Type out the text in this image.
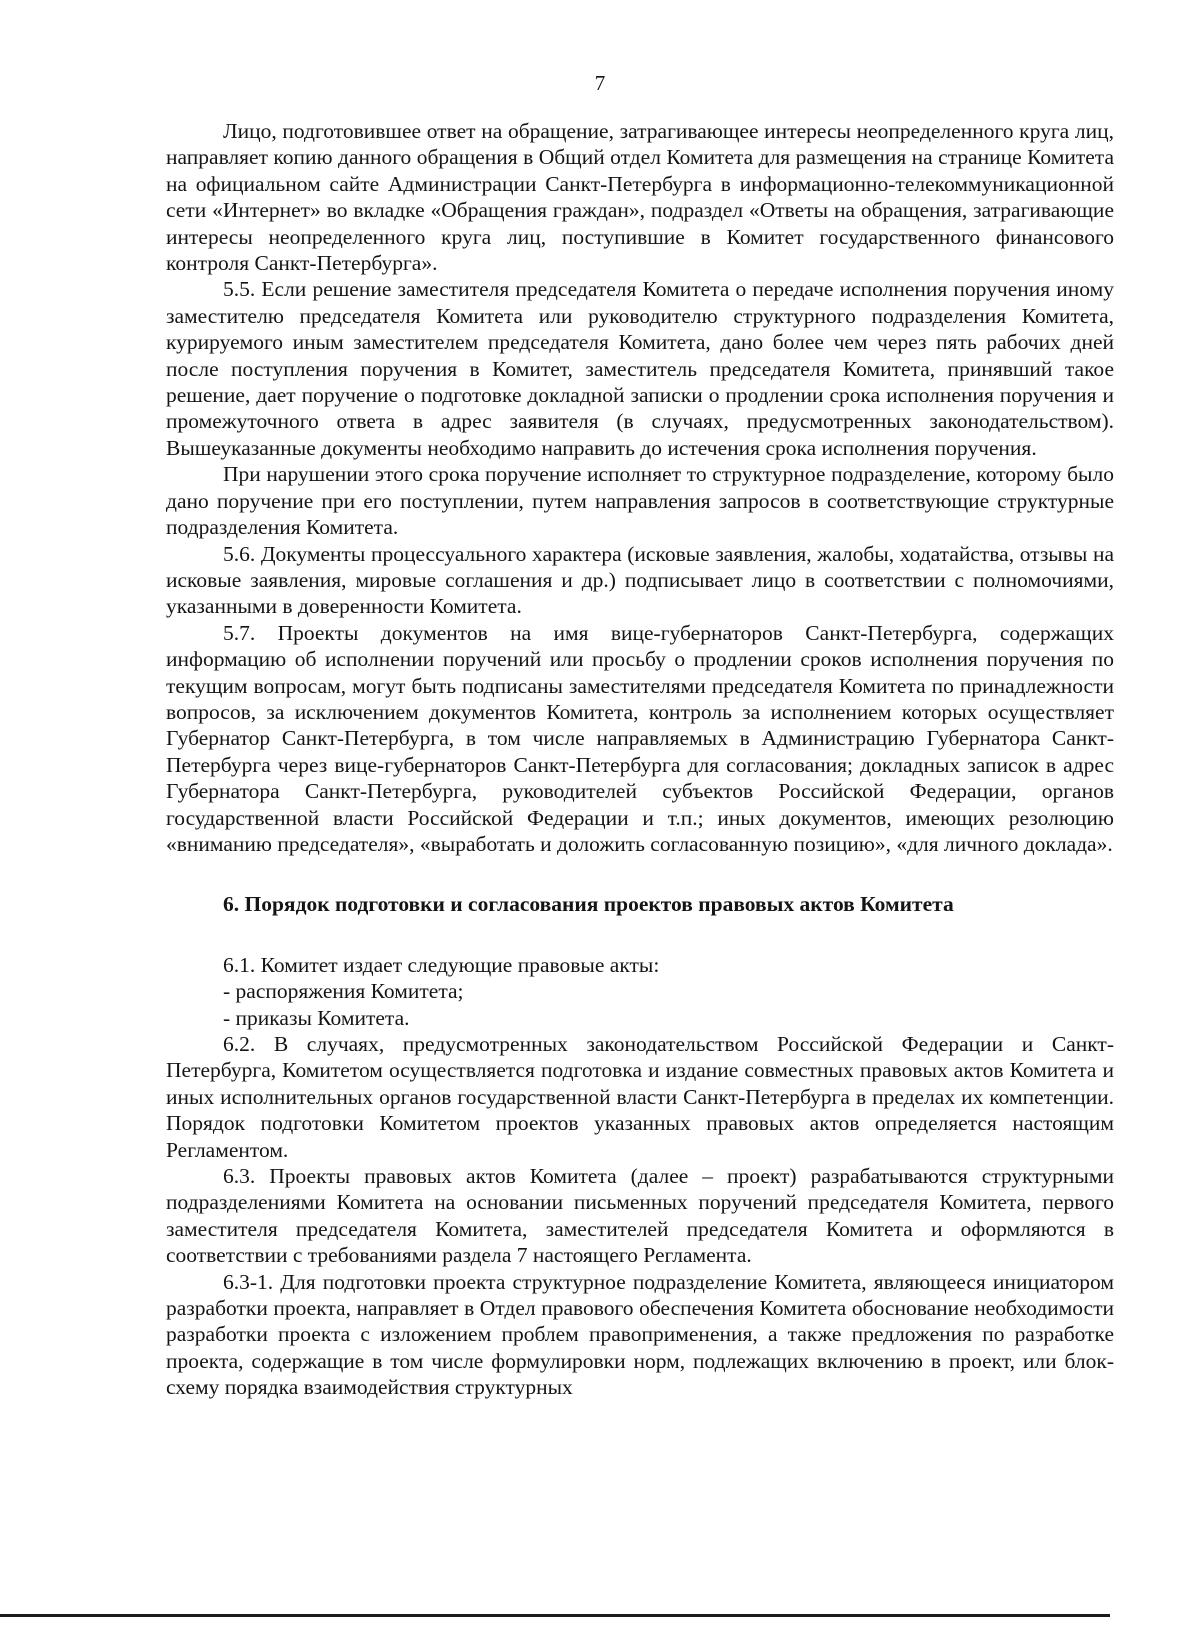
7

Лицо, подготовившее ответ на обращение, затрагивающее интересы неопределенного круга лиц, направляет копию данного обращения в Общий отдел Комитета для размещения на странице Комитета на официальном сайте Администрации Санкт-Петербурга в информационно-телекоммуникационной сети «Интернет» во вкладке «Обращения граждан», подраздел «Ответы на обращения, затрагивающие интересы неопределенного круга лиц, поступившие в Комитет государственного финансового контроля Санкт-Петербурга».

5.5. Если решение заместителя председателя Комитета о передаче исполнения поручения иному заместителю председателя Комитета или руководителю структурного подразделения Комитета, курируемого иным заместителем председателя Комитета, дано более чем через пять рабочих дней после поступления поручения в Комитет, заместитель председателя Комитета, принявший такое решение, дает поручение о подготовке докладной записки о продлении срока исполнения поручения и промежуточного ответа в адрес заявителя (в случаях, предусмотренных законодательством). Вышеуказанные документы необходимо направить до истечения срока исполнения поручения.

При нарушении этого срока поручение исполняет то структурное подразделение, которому было дано поручение при его поступлении, путем направления запросов в соответствующие структурные подразделения Комитета.

5.6. Документы процессуального характера (исковые заявления, жалобы, ходатайства, отзывы на исковые заявления, мировые соглашения и др.) подписывает лицо в соответствии с полномочиями, указанными в доверенности Комитета.

5.7. Проекты документов на имя вице-губернаторов Санкт-Петербурга, содержащих информацию об исполнении поручений или просьбу о продлении сроков исполнения поручения по текущим вопросам, могут быть подписаны заместителями председателя Комитета по принадлежности вопросов, за исключением документов Комитета, контроль за исполнением которых осуществляет Губернатор Санкт-Петербурга, в том числе направляемых в Администрацию Губернатора Санкт-Петербурга через вице-губернаторов Санкт-Петербурга для согласования; докладных записок в адрес Губернатора Санкт-Петербурга, руководителей субъектов Российской Федерации, органов государственной власти Российской Федерации и т.п.; иных документов, имеющих резолюцию «вниманию председателя», «выработать и доложить согласованную позицию», «для личного доклада».

6. Порядок подготовки и согласования проектов правовых актов Комитета

6.1. Комитет издает следующие правовые акты:

- распоряжения Комитета;

- приказы Комитета.

6.2. В случаях, предусмотренных законодательством Российской Федерации и Санкт-Петербурга, Комитетом осуществляется подготовка и издание совместных правовых актов Комитета и иных исполнительных органов государственной власти Санкт-Петербурга в пределах их компетенции. Порядок подготовки Комитетом проектов указанных правовых актов определяется настоящим Регламентом.

6.3. Проекты правовых актов Комитета (далее – проект) разрабатываются структурными подразделениями Комитета на основании письменных поручений председателя Комитета, первого заместителя председателя Комитета, заместителей председателя Комитета и оформляются в соответствии с требованиями раздела 7 настоящего Регламента.

6.3-1. Для подготовки проекта структурное подразделение Комитета, являющееся инициатором разработки проекта, направляет в Отдел правового обеспечения Комитета обоснование необходимости разработки проекта с изложением проблем правоприменения, а также предложения по разработке проекта, содержащие в том числе формулировки норм, подлежащих включению в проект, или блок-схему порядка взаимодействия структурных
